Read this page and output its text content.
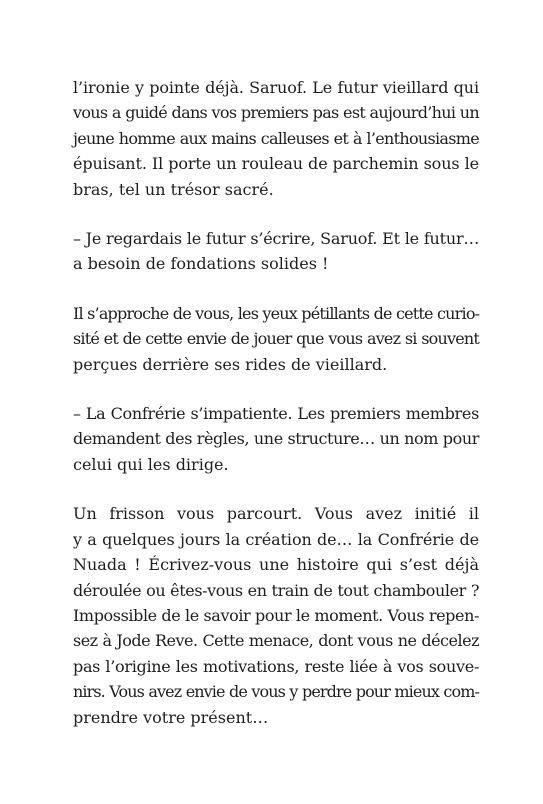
l’ironie y pointe déjà. Saruof. Le futur vieillard qui
vous a guidé dans vos premiers pas est aujourd’hui un
jeune homme aux mains calleuses et à l’enthousiasme
épuisant. Il porte un rouleau de parchemin sous le
bras, tel un trésor sacré.
– Je regardais le futur s’écrire, Saruof. Et le futur…
a besoin de fondations solides !
Il s’approche de vous, les yeux pétillants de cette curio-
sité et de cette envie de jouer que vous avez si souvent
perçues derrière ses rides de vieillard.
– La Confrérie s’impatiente. Les premiers membres
demandent des règles, une structure… un nom pour
celui qui les dirige.
Un frisson vous parcourt. Vous avez initié il
y a quelques jours la création de… la Confrérie de
Nuada ! Écrivez-vous une histoire qui s’est déjà
déroulée ou êtes-vous en train de tout chambouler ?
Impossible de le savoir pour le moment. Vous repen-
sez à Jode Reve. Cette menace, dont vous ne décelez
pas l’origine les motivations, reste liée à vos souve-
nirs. Vous avez envie de vous y perdre pour mieux com-
prendre votre présent…
